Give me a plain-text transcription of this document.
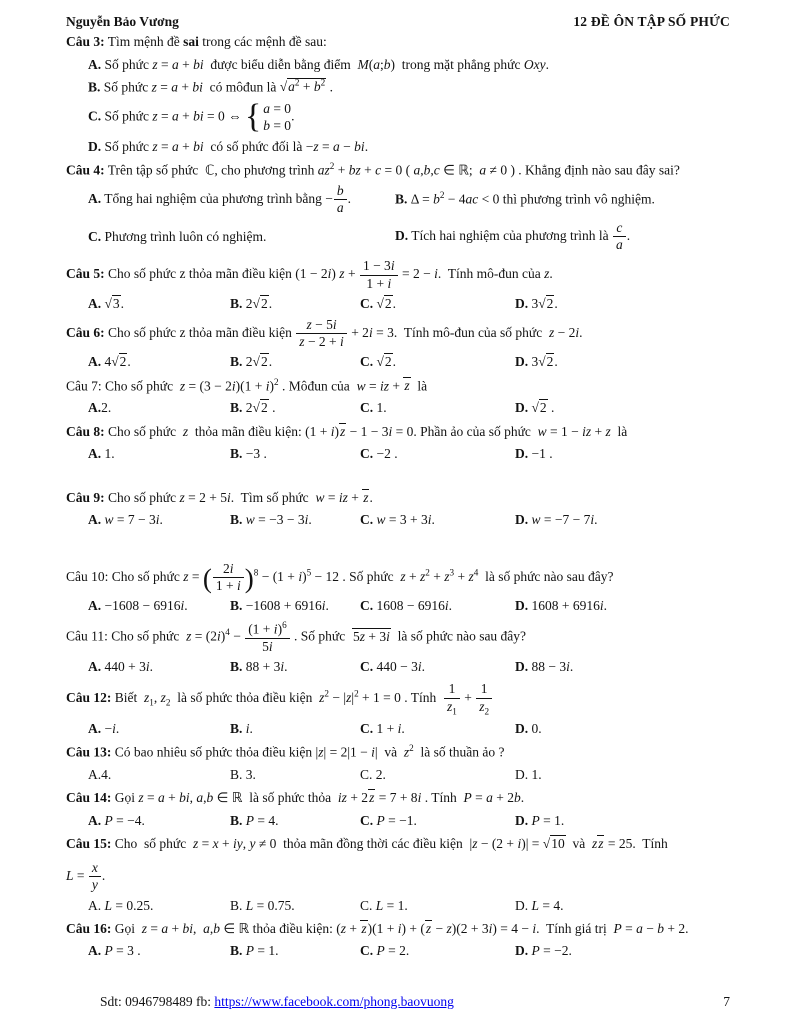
Nguyễn Bảo Vương	12 ĐỀ ÔN TẬP SỐ PHỨC
Câu 3: Tìm mệnh đề sai trong các mệnh đề sau:
A. Số phức z = a + bi  được biểu diễn bằng điểm  M(a;b)  trong mặt phẳng phức Oxy.
B. Số phức z = a + bi  có môđun là √ $a^2 + b^2$ .
C. Số phức z = a + bi = 0 ⇔ { a = 0
b = 0
.
D. Số phức z = a + bi  có số phức đối là −z = a − bi.
Câu 4: Trên tập số phức  ℂ, cho phương trình $az^2$ + bz + c = 0 ( a,b,c ∈ ℝ;  a ≠ 0 ) . Khẳng định nào sau đây sai?
A. Tổng hai nghiệm của phương trình bằng − $\frac{b}{a}$ .	B. $\Delta = b^2 - 4ac < 0$ thì phương trình vô nghiệm.
C. Phương trình luôn có nghiệm.	D. Tích hai nghiệm của phương trình là $\frac{c}{a}$ .
Câu 5: Cho số phức z thỏa mãn điều kiện (1 − 2i) $z + \frac{1 - 3i}{1 + i} = 2 - i$.  Tính mô-đun của z.
A. √ 3.	B. 2 √ 2.	C. √ 2.	D. 3 √ 2.
Câu 6: Cho số phức z thỏa mãn điều kiện $\frac{z - 5i}{z - 2 + i} + 2i = 3$.  Tính mô-đun của số phức  z − 2i.
A. 4 √ 2.	B. 2 √ 2.	C. √ 2.	D. 3 √ 2.
Câu 7: Cho số phức  $z = (3 - 2i)(1 + i)^2$ . Môđun của  w = iz + z  là
A.2.	B. 2 √ 2 .	C. 1.	D. √ 2 .
Câu 8: Cho số phức  z  thỏa mãn điều kiện: (1 + i)z − 1 − 3i = 0. Phần ảo của số phức  w = 1 − iz + z  là
A. 1.	B. −3 .	C. −2 .	D. −1 .
Câu 9: Cho số phức z = 2 + 5i.  Tìm số phức  w = iz + z.
A. w = 7 − 3i.	B. w = −3 − 3i.	C. w = 3 + 3i.	D. w = −7 − 7i.
Câu 10: Cho số phức z = ( $\frac{2i}{1 + i} )^8 - (1 + i)^5 - 12$ . Số phức  $z + z^2 + z^3 + z^4$  là số phức nào sau đây?
A. −1608 − 6916i.	B. −1608 + 6916i.	C. 1608 − 6916i.	D. 1608 + 6916i.
Câu 11: Cho số phức  $z = (2i)^4 - \frac{(1 + i)^6}{5i}$ . Số phức  5z + 3i  là số phức nào sau đây?
A. 440 + 3i.	B. 88 + 3i.	C. 440 − 3i.	D. 88 − 3i.
Câu 12: Biết  $z_1$, $z_2$  là số phức thỏa điều kiện  $z^2 - |z|^2 + 1 = 0$ . Tính $\frac{1}{z_1} + \frac{1}{z_2}$
A. −i.	B. i.	C. 1 + i.	D. 0.
Câu 13: Có bao nhiêu số phức thỏa điều kiện |z| = 2|1 − i|  và  $z^2$  là số thuần ảo ?
A.4.	B. 3.	C. 2.	D. 1.
Câu 14: Gọi z = a + bi, a,b ∈ ℝ  là số phức thỏa  iz + 2z = 7 + 8i . Tính  P = a + 2b.
A. P = −4.	B. P = 4.	C. P = −1.	D. P = 1.
Câu 15: Cho  số phức  z = x + iy, y ≠ 0  thỏa mãn đồng thời các điều kiện  |z − (2 + i)| = √ 10  và  zz = 25.  Tính
$L = \frac{x}{y}$ .
A. L = 0.25.	B. L = 0.75.	C. L = 1.	D. L = 4.
Câu 16: Gọi  z = a + bi,  a,b ∈ ℝ thỏa điều kiện: (z + z)(1 + i) + (z − z)(2 + 3i) = 4 − i.  Tính giá trị  P = a − b + 2.
A. P = 3 .	B. P = 1.	C. P = 2.	D. P = −2.
Sdt: 0946798489 fb: https://www.facebook.com/phong.baovuong	7
